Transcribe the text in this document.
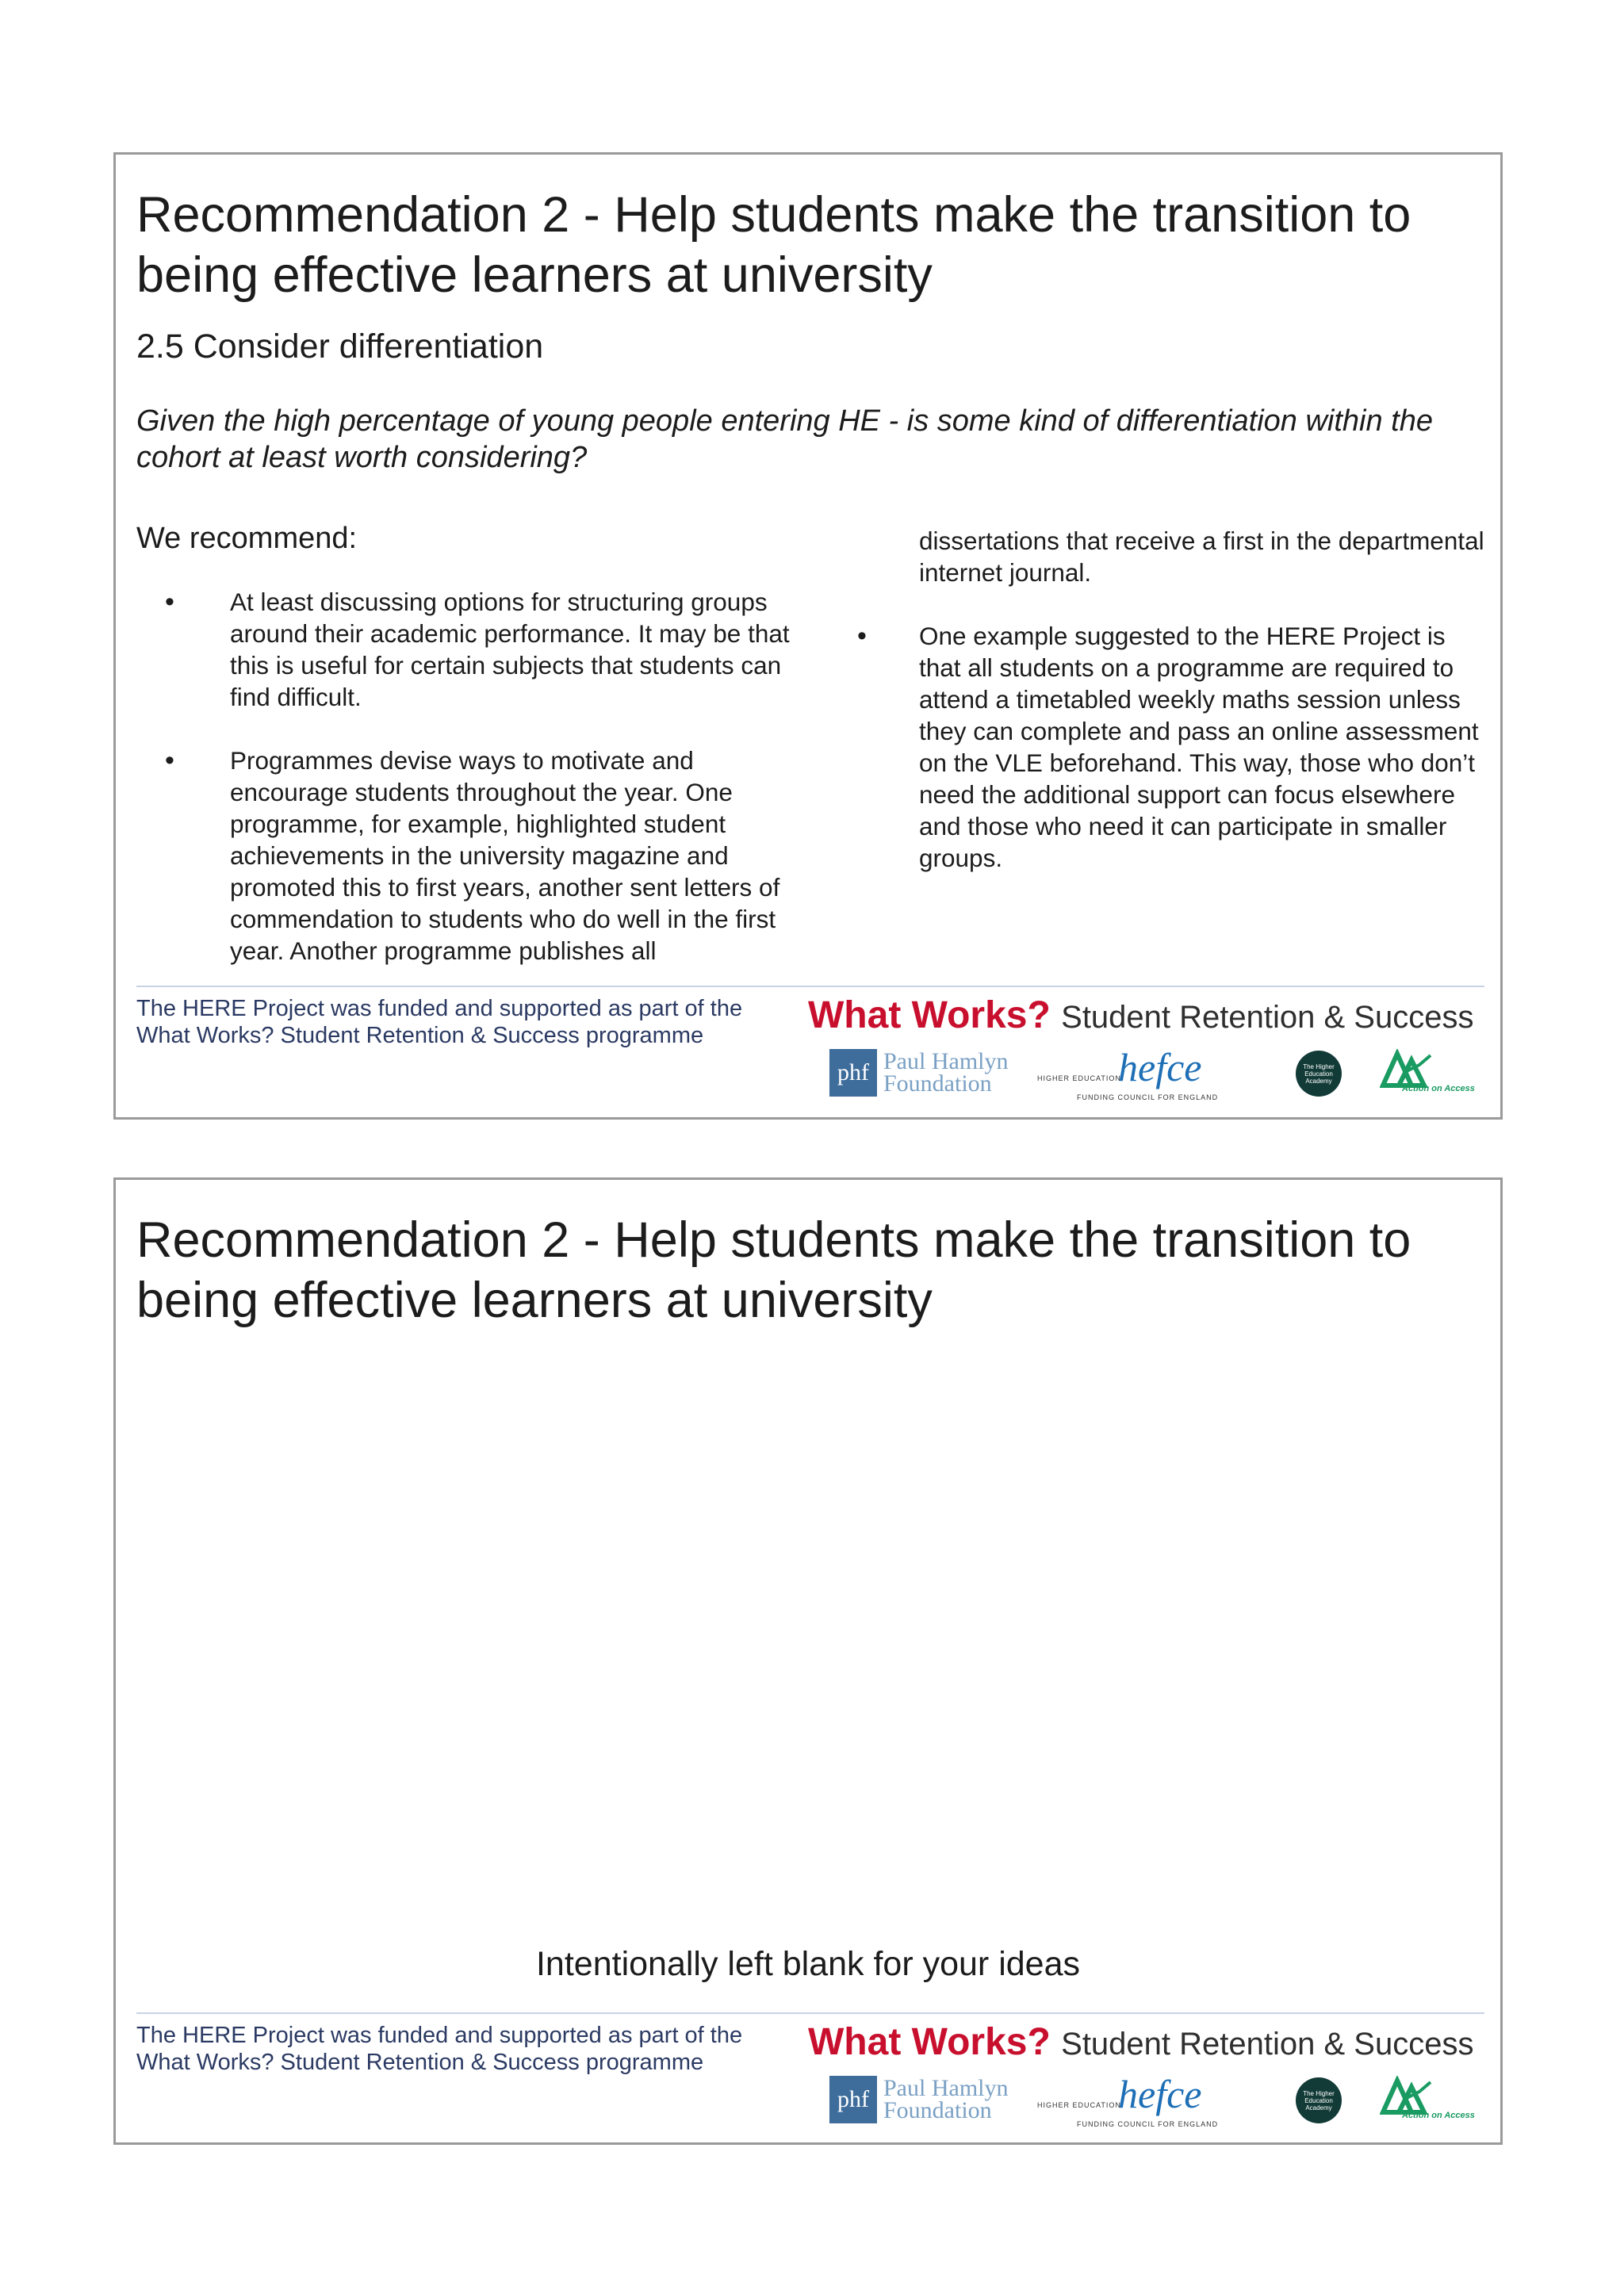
Recommendation 2 - Help students make the transition to being effective learners at university
2.5 Consider differentiation

Given the high percentage of young people entering HE - is some kind of differentiation within the cohort at least worth considering?

We recommend:

• At least discussing options for structuring groups around their academic performance. It may be that this is useful for certain subjects that students can find difficult.
• Programmes devise ways to motivate and encourage students throughout the year. One programme, for example, highlighted student achievements in the university magazine and promoted this to first years, another sent letters of commendation to students who do well in the first year. Another programme publishes all

dissertations that receive a first in the departmental internet journal.

• One example suggested to the HERE Project is that all students on a programme are required to attend a timetabled weekly maths session unless they can complete and pass an online assessment on the VLE beforehand. This way, those who don’t need the additional support can focus elsewhere and those who need it can participate in smaller groups.

The HERE Project was funded and supported as part of the What Works? Student Retention & Success programme	What Works? Student Retention & Success
phf Paul Hamlyn
Foundation	HIGHER EDUCATION
hefce
FUNDING COUNCIL FOR ENGLAND
The Higher Education Academy
Action on Access
Recommendation 2 - Help students make the transition to being effective learners at university

Intentionally left blank for your ideas

The HERE Project was funded and supported as part of the What Works? Student Retention & Success programme	What Works? Student Retention & Success
phf Paul Hamlyn
Foundation	HIGHER EDUCATION
hefce
FUNDING COUNCIL FOR ENGLAND
The Higher Education Academy
Action on Access
